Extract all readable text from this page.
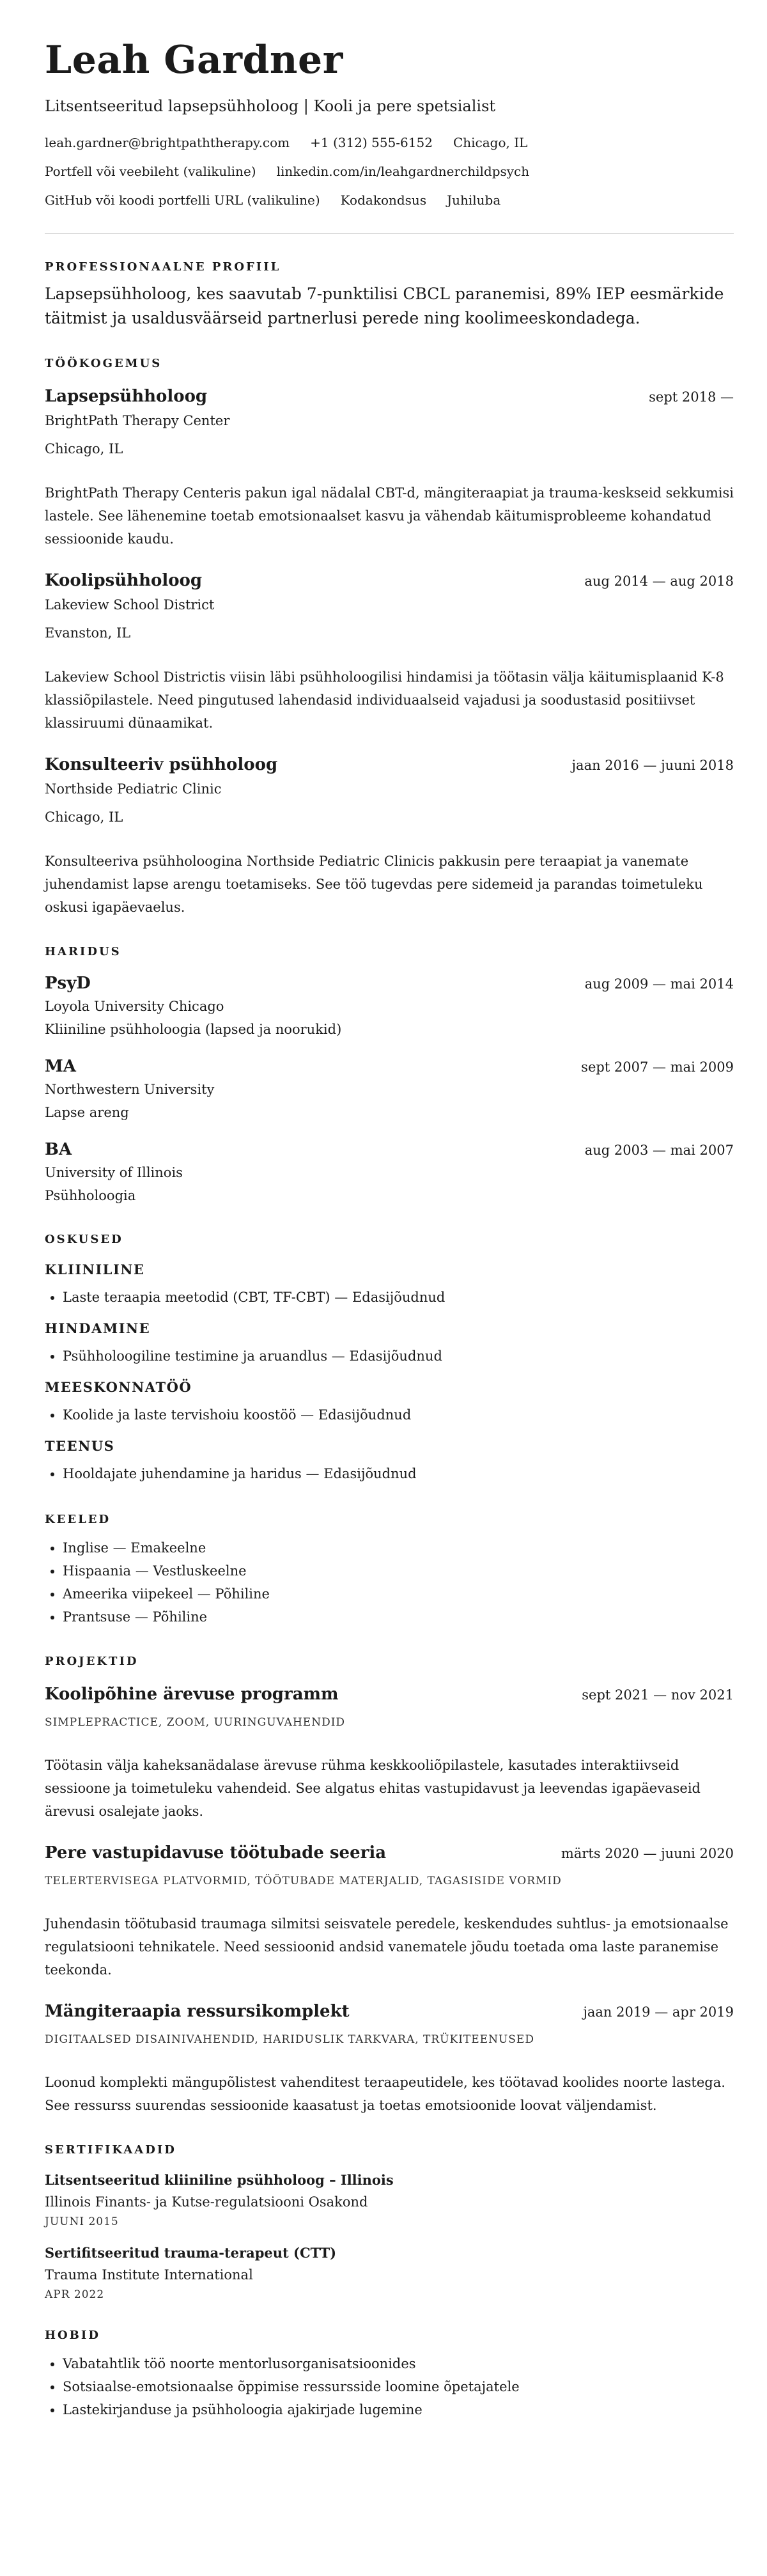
Leah Gardner
Litsentseeritud lapsepsühholoog | Kooli ja pere spetsialist
leah.gardner@brightpaththerapy.com +1 (312) 555-6152 Chicago, IL
Portfell või veebileht (valikuline) linkedin.com/in/leahgardnerchildpsych
GitHub või koodi portfelli URL (valikuline) Kodakondsus Juhiluba
PROFESSIONAALNE PROFIIL
Lapsepsühholoog, kes saavutab 7-punktilisi CBCL paranemisi, 89% IEP eesmärkide täitmist ja usaldusväärseid partnerlusi perede ning koolimeeskondadega.
TÖÖKOGEMUS
Lapsepsühholoog	sept 2018 —
BrightPath Therapy Center
Chicago, IL
BrightPath Therapy Centeris pakun igal nädalal CBT-d, mängiteraapiat ja trauma-keskseid sekkumisi lastele. See lähenemine toetab emotsionaalset kasvu ja vähendab käitumisprobleeme kohandatud sessioonide kaudu.
Koolipsühholoog	aug 2014 — aug 2018
Lakeview School District
Evanston, IL
Lakeview School Districtis viisin läbi psühholoogilisi hindamisi ja töötasin välja käitumisplaanid K-8 klassiõpilastele. Need pingutused lahendasid individuaalseid vajadusi ja soodustasid positiivset klassiruumi dünaamikat.
Konsulteeriv psühholoog	jaan 2016 — juuni 2018
Northside Pediatric Clinic
Chicago, IL
Konsulteeriva psühholoogina Northside Pediatric Clinicis pakkusin pere teraapiat ja vanemate juhendamist lapse arengu toetamiseks. See töö tugevdas pere sidemeid ja parandas toimetuleku oskusi igapäevaelus.
HARIDUS
PsyD	aug 2009 — mai 2014
Loyola University Chicago
Kliiniline psühholoogia (lapsed ja noorukid)
MA	sept 2007 — mai 2009
Northwestern University
Lapse areng
BA	aug 2003 — mai 2007
University of Illinois
Psühholoogia
OSKUSED
KLIINILINE
• Laste teraapia meetodid (CBT, TF-CBT) — Edasijõudnud
HINDAMINE
• Psühholoogiline testimine ja aruandlus — Edasijõudnud
MEESKONNATÖÖ
• Koolide ja laste tervishoiu koostöö — Edasijõudnud
TEENUS
• Hooldajate juhendamine ja haridus — Edasijõudnud
KEELED
• Inglise — Emakeelne
• Hispaania — Vestluskeelne
• Ameerika viipekeel — Põhiline
• Prantsuse — Põhiline
PROJEKTID
Koolipõhine ärevuse programm	sept 2021 — nov 2021
SIMPLEPRACTICE, ZOOM, UURINGUVAHENDID
Töötasin välja kaheksanädalase ärevuse rühma keskkooliõpilastele, kasutades interaktiivseid sessioone ja toimetuleku vahendeid. See algatus ehitas vastupidavust ja leevendas igapäevaseid ärevusi osalejate jaoks.
Pere vastupidavuse töötubade seeria	märts 2020 — juuni 2020
TELERTERVISEGA PLATVORMID, TÖÖTUBADE MATERJALID, TAGASISIDE VORMID
Juhendasin töötubasid traumaga silmitsi seisvatele peredele, keskendudes suhtlus- ja emotsionaalse regulatsiooni tehnikatele. Need sessioonid andsid vanematele jõudu toetada oma laste paranemise teekonda.
Mängiteraapia ressursikomplekt	jaan 2019 — apr 2019
DIGITAALSED DISAINIVAHENDID, HARIDUSLIK TARKVARA, TRÜKITEENUSED
Loonud komplekti mängupõlistest vahenditest teraapeutidele, kes töötavad koolides noorte lastega. See ressurss suurendas sessioonide kaasatust ja toetas emotsioonide loovat väljendamist.
SERTIFIKAADID
Litsentseeritud kliiniline psühholoog – Illinois
Illinois Finants- ja Kutse-regulatsiooni Osakond
JUUNI 2015
Sertifitseeritud trauma-terapeut (CTT)
Trauma Institute International
APR 2022
HOBID
• Vabatahtlik töö noorte mentorlusorganisatsioonides
• Sotsiaalse-emotsionaalse õppimise ressursside loomine õpetajatele
• Lastekirjanduse ja psühholoogia ajakirjade lugemine
